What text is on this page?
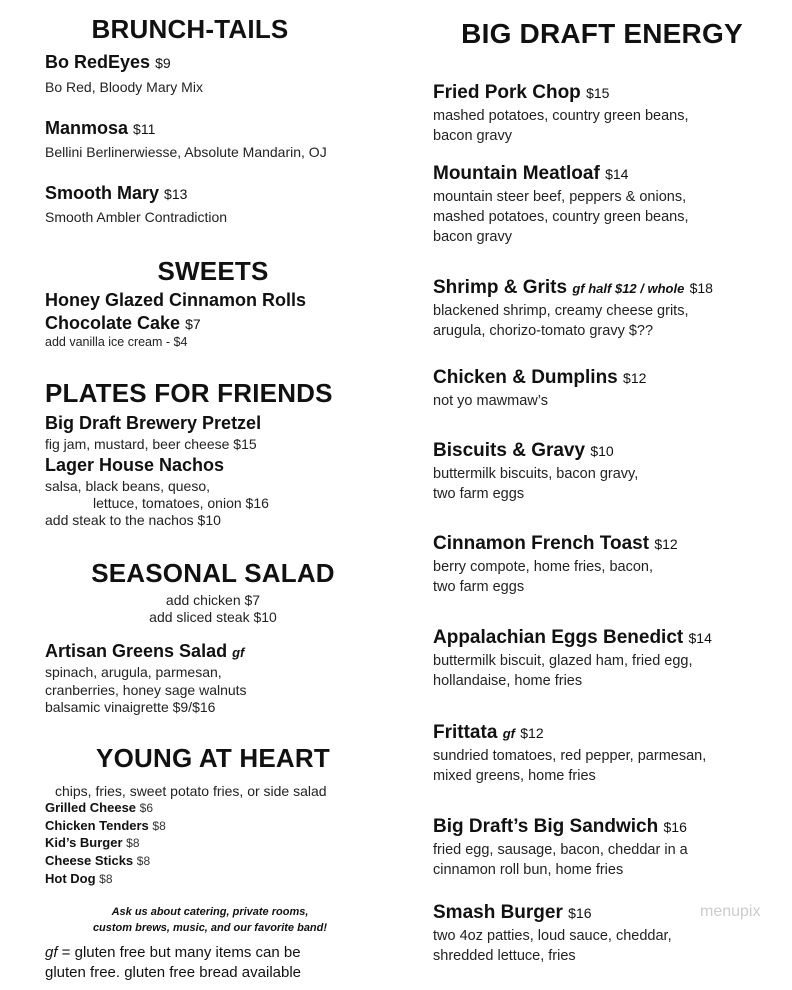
BRUNCH-TAILS
Bo RedEyes $9
Bo Red, Bloody Mary Mix
Manmosa $11
Bellini Berlinerwiesse, Absolute Mandarin, OJ
Smooth Mary $13
Smooth Ambler Contradiction
SWEETS
Honey Glazed Cinnamon Rolls
Chocolate Cake $7
add vanilla ice cream - $4
PLATES FOR FRIENDS
Big Draft Brewery Pretzel
fig jam, mustard, beer cheese $15
Lager House Nachos
salsa, black beans, queso,
lettuce, tomatoes, onion $16
add steak to the nachos $10
SEASONAL SALAD
add chicken $7
add sliced steak $10
Artisan Greens Salad gf
spinach, arugula, parmesan,
cranberries, honey sage walnuts
balsamic vinaigrette $9/$16
YOUNG AT HEART
chips, fries, sweet potato fries, or side salad
Grilled Cheese $6
Chicken Tenders $8
Kid’s Burger $8
Cheese Sticks $8
Hot Dog $8
Ask us about catering, private rooms,
custom brews, music, and our favorite band!
gf = gluten free but many items can be
gluten free. gluten free bread available
BIG DRAFT ENERGY
Fried Pork Chop $15
mashed potatoes, country green beans,
bacon gravy
Mountain Meatloaf $14
mountain steer beef, peppers & onions,
mashed potatoes, country green beans,
bacon gravy
Shrimp & Grits gf half $12 / whole $18
blackened shrimp, creamy cheese grits,
arugula, chorizo-tomato gravy $??
Chicken & Dumplins $12
not yo mawmaw’s
Biscuits & Gravy $10
buttermilk biscuits, bacon gravy,
two farm eggs
Cinnamon French Toast $12
berry compote, home fries, bacon,
two farm eggs
Appalachian Eggs Benedict $14
buttermilk biscuit, glazed ham, fried egg,
hollandaise, home fries
Frittata gf $12
sundried tomatoes, red pepper, parmesan,
mixed greens, home fries
Big Draft’s Big Sandwich $16
fried egg, sausage, bacon, cheddar in a
cinnamon roll bun, home fries
Smash Burger $16
two 4oz patties, loud sauce, cheddar,
shredded lettuce, fries
menupix
